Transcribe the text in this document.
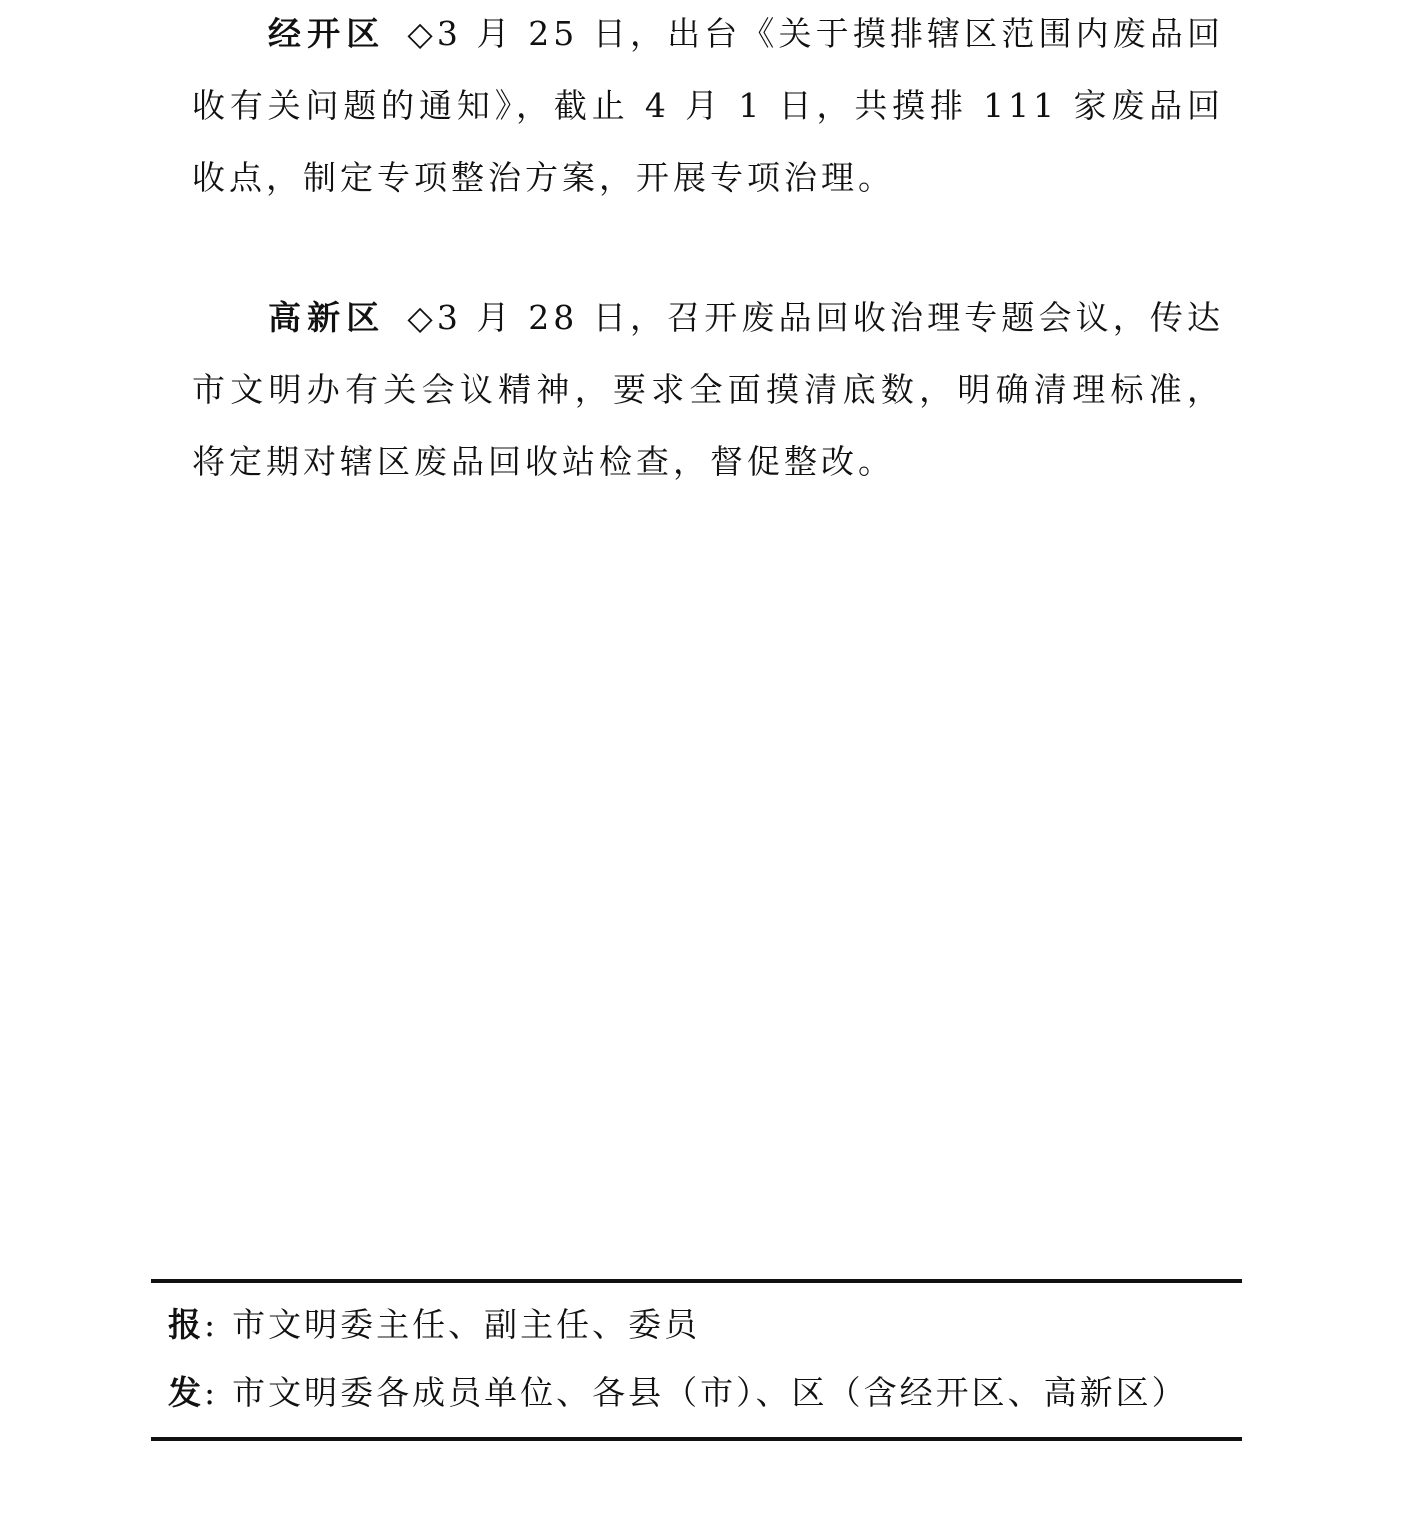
经开区 ◇3 月 25 日，出台《关于摸排辖区范围内废品回收有关问题的通知》，截止 4 月 1 日，共摸排 111 家废品回收点，制定专项整治方案，开展专项治理。

高新区 ◇3 月 28 日，召开废品回收治理专题会议，传达市文明办有关会议精神，要求全面摸清底数，明确清理标准，将定期对辖区废品回收站检查，督促整改。

报: 市文明委主任、副主任、委员
发: 市文明委各成员单位、各县（市）、区（含经开区、高新区）
